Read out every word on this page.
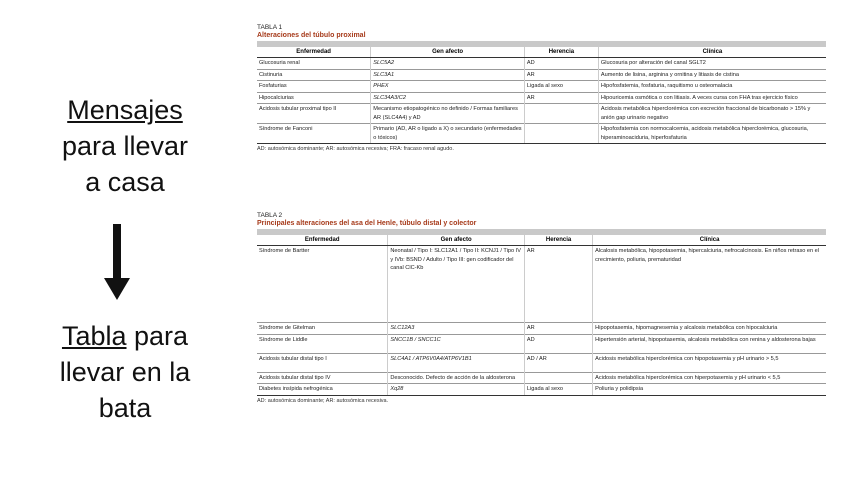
Mensajes
para llevar
a casa
Tabla para
llevar en la
bata
TABLA 1
Alteraciones del túbulo proximal
Enfermedad	Gen afecto	Herencia	Clínica
Glucosuria renal	SLC5A2	AD	Glucosuria por alteración del canal SGLT2
Cistinuria	SLC3A1	AR	Aumento de lisina, arginina y ornitina y litiasis de cistina
Fosfaturias	PHEX	Ligada al sexo	Hipofosfatemia, fosfaturia, raquitismo u osteomalacia
Hipocalciurias	SLC34A3/C2	AR	Hipouricemia osmótica o con litiasis. A veces cursa con FHA tras ejercicio físico
Acidosis tubular proximal tipo II	Mecanismo etiopatogénico no definido / Formas familiares AR (SLC4A4) y AD		Acidosis metabólica hiperclorémica con excreción fraccional de bicarbonato > 15% y anión gap urinario negativo
Síndrome de Fanconi	Primario (AD, AR o ligado a X) o secundario (enfermedades o tóxicos)		Hipofosfatemia con normocalcemia, acidosis metabólica hiperclorémica, glucosuria, hiperaminoaciduria, hiperfosfaturia
AD: autosómica dominante; AR: autosómica recesiva; FRA: fracaso renal agudo.
TABLA 2
Principales alteraciones del asa del Henle, túbulo distal y colector
Enfermedad	Gen afecto	Herencia	Clínica
Síndrome de Bartter	Neonatal / Tipo I: SLC12A1 / Tipo II: KCNJ1 / Tipo IV y IVb: BSND / Adulto / Tipo III: gen codificador del canal ClC-Kb	AR	Alcalosis metabólica, hipopotasemia, hipercalciuria, nefrocalcinosis. En niños retraso en el crecimiento, poliuria, prematuridad
Síndrome de Gitelman	SLC12A3	AR	Hipopotasemia, hipomagnesemia y alcalosis metabólica con hipocalciuria
Síndrome de Liddle	SNCC1B / SNCC1C	AD	Hipertensión arterial, hipopotasemia, alcalosis metabólica con renina y aldosterona bajas
Acidosis tubular distal tipo I	SLC4A1 / ATP6V0A4/ATP6V1B1	AD / AR	Acidosis metabólica hiperclorémica con hipopotasemia y pH urinario > 5,5
Acidosis tubular distal tipo IV	Desconocido. Defecto de acción de la aldosterona		Acidosis metabólica hiperclorémica con hiperpotasemia y pH urinario < 5,5
Diabetes insípida nefrogénica	Xq28	Ligada al sexo	Poliuria y polidipsia
AD: autosómica dominante; AR: autosómica recesiva.
